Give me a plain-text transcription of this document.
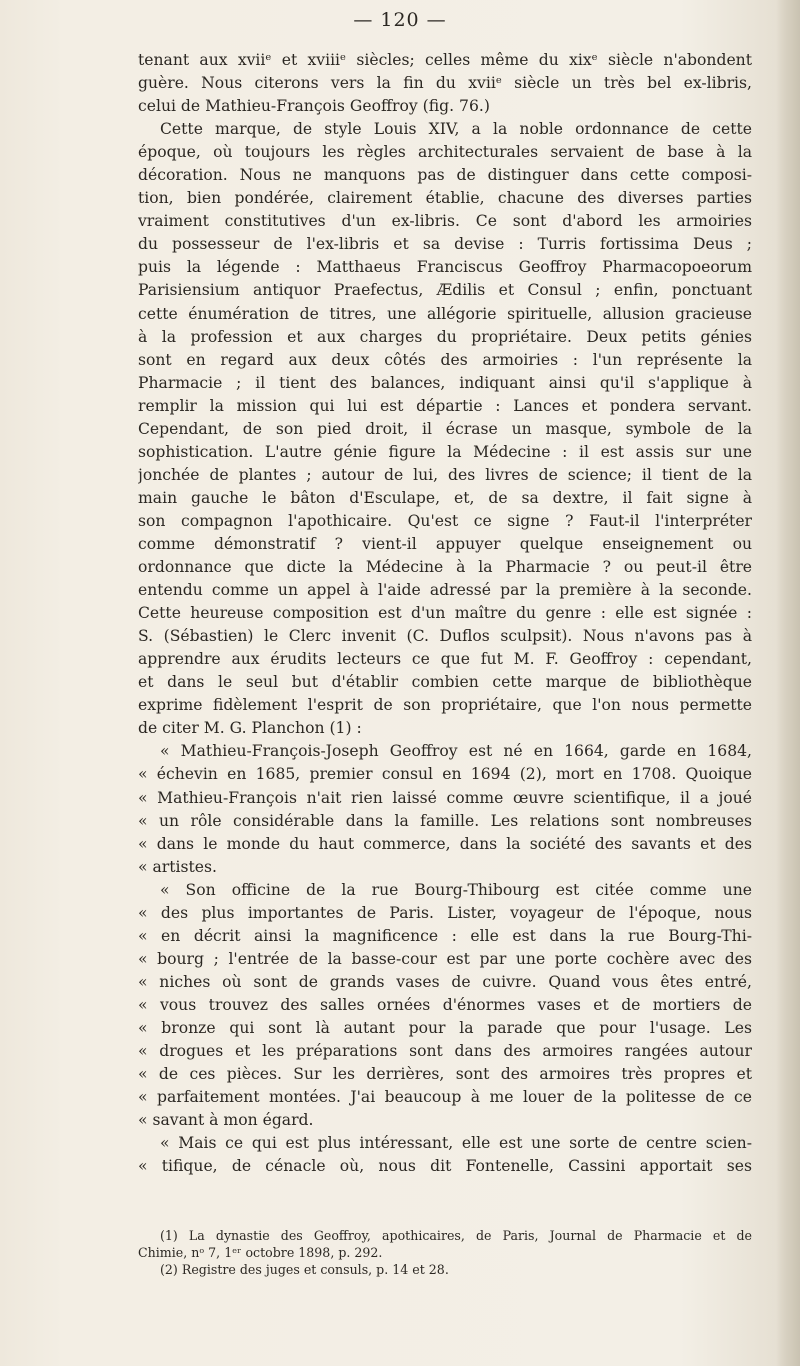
— 120 —
tenant aux xviiᵉ et xviiiᵉ siècles; celles même du xixᵉ siècle n'abondent
guère. Nous citerons vers la fin du xviiᵉ siècle un très bel ex-libris,
celui de Mathieu-François Geoffroy (fig. 76.)
Cette marque, de style Louis XIV, a la noble ordonnance de cette
époque, où toujours les règles architecturales servaient de base à la
décoration. Nous ne manquons pas de distinguer dans cette composi-
tion, bien pondérée, clairement établie, chacune des diverses parties
vraiment constitutives d'un ex-libris. Ce sont d'abord les armoiries
du possesseur de l'ex-libris et sa devise : Turris fortissima Deus ;
puis la légende : Matthaeus Franciscus Geoffroy Pharmacopoeorum
Parisiensium antiquor Praefectus, Ædilis et Consul ; enfin, ponctuant
cette énumération de titres, une allégorie spirituelle, allusion gracieuse
à la profession et aux charges du propriétaire. Deux petits génies
sont en regard aux deux côtés des armoiries : l'un représente la
Pharmacie ; il tient des balances, indiquant ainsi qu'il s'applique à
remplir la mission qui lui est départie : Lances et pondera servant.
Cependant, de son pied droit, il écrase un masque, symbole de la
sophistication. L'autre génie figure la Médecine : il est assis sur une
jonchée de plantes ; autour de lui, des livres de science; il tient de la
main gauche le bâton d'Esculape, et, de sa dextre, il fait signe à
son compagnon l'apothicaire. Qu'est ce signe ? Faut-il l'interpréter
comme démonstratif ? vient-il appuyer quelque enseignement ou
ordonnance que dicte la Médecine à la Pharmacie ? ou peut-il être
entendu comme un appel à l'aide adressé par la première à la seconde.
Cette heureuse composition est d'un maître du genre : elle est signée :
S. (Sébastien) le Clerc invenit (C. Duflos sculpsit). Nous n'avons pas à
apprendre aux érudits lecteurs ce que fut M. F. Geoffroy : cependant,
et dans le seul but d'établir combien cette marque de bibliothèque
exprime fidèlement l'esprit de son propriétaire, que l'on nous permette
de citer M. G. Planchon (1) :
« Mathieu-François-Joseph Geoffroy est né en 1664, garde en 1684,
« échevin en 1685, premier consul en 1694 (2), mort en 1708. Quoique
« Mathieu-François n'ait rien laissé comme œuvre scientifique, il a joué
« un rôle considérable dans la famille. Les relations sont nombreuses
« dans le monde du haut commerce, dans la société des savants et des
« artistes.
« Son officine de la rue Bourg-Thibourg est citée comme une
« des plus importantes de Paris. Lister, voyageur de l'époque, nous
« en décrit ainsi la magnificence : elle est dans la rue Bourg-Thi-
« bourg ; l'entrée de la basse-cour est par une porte cochère avec des
« niches où sont de grands vases de cuivre. Quand vous êtes entré,
« vous trouvez des salles ornées d'énormes vases et de mortiers de
« bronze qui sont là autant pour la parade que pour l'usage. Les
« drogues et les préparations sont dans des armoires rangées autour
« de ces pièces. Sur les derrières, sont des armoires très propres et
« parfaitement montées. J'ai beaucoup à me louer de la politesse de ce
« savant à mon égard.
« Mais ce qui est plus intéressant, elle est une sorte de centre scien-
« tifique, de cénacle où, nous dit Fontenelle, Cassini apportait ses
(1) La dynastie des Geoffroy, apothicaires, de Paris, Journal de Pharmacie et de
Chimie, nᵒ 7, 1ᵉʳ octobre 1898, p. 292.
(2) Registre des juges et consuls, p. 14 et 28.
